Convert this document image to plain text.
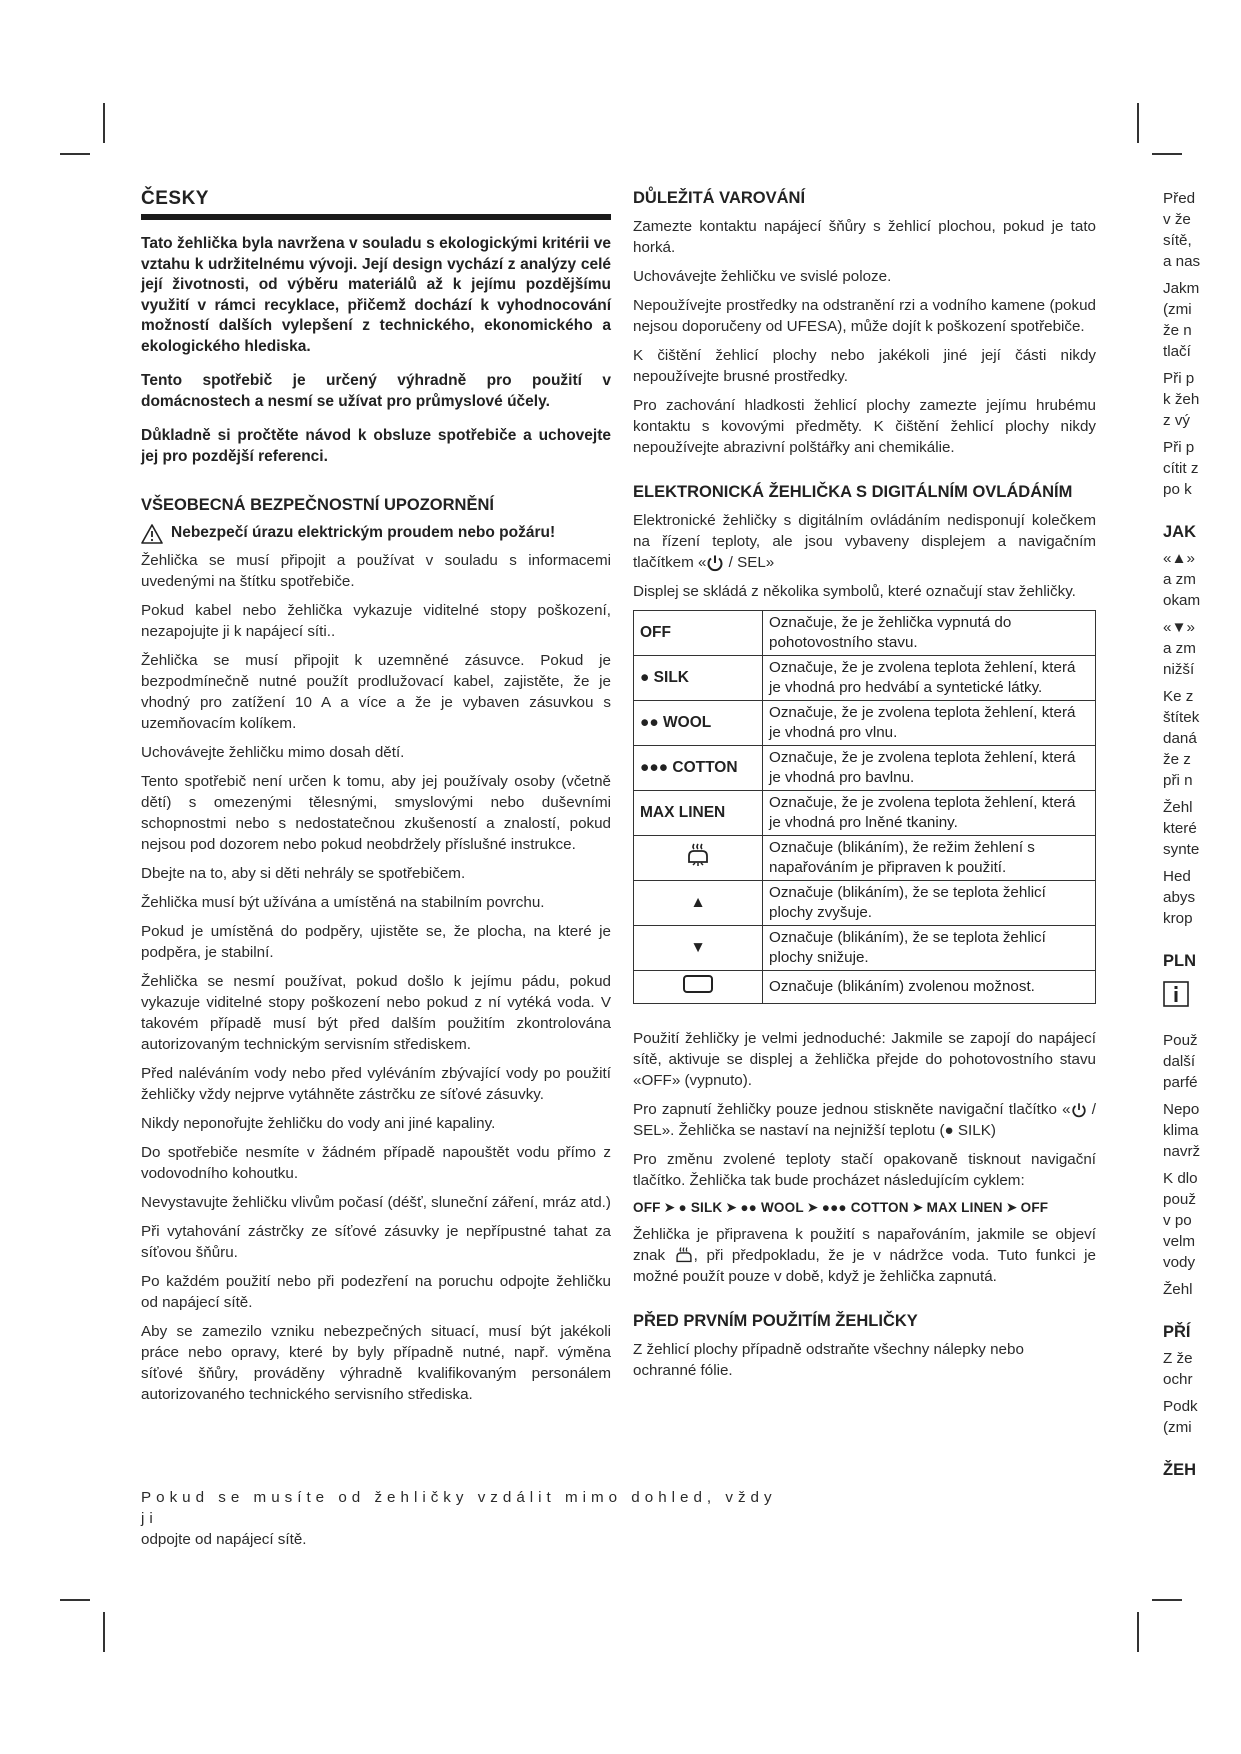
ČESKY

Tato žehlička byla navržena v souladu s ekologickými kritérii ve vztahu k udržitelnému vývoji. Její design vychází z analýzy celé její životnosti, od výběru materiálů až k jejímu pozdějšímu využití v rámci recyklace, přičemž dochází k vyhodnocování možností dalších vylepšení z technického, ekonomického a ekologického hlediska.

Tento spotřebič je určený výhradně pro použití v domácnostech a nesmí se užívat pro průmyslové účely.

Důkladně si pročtěte návod k obsluze spotřebiče a uchovejte jej pro pozdější referenci.

VŠEOBECNÁ BEZPEČNOSTNÍ UPOZORNĚNÍ
Nebezpečí úrazu elektrickým proudem nebo požáru!

Žehlička se musí připojit a používat v souladu s informacemi uvedenými na štítku spotřebiče.

Pokud kabel nebo žehlička vykazuje viditelné stopy poškození, nezapojujte ji k napájecí síti..

Žehlička se musí připojit k uzemněné zásuvce. Pokud je bezpodmínečně nutné použít prodlužovací kabel, zajistěte, že je vhodný pro zatížení 10 A a více a že je vybaven zásuvkou s uzemňovacím kolíkem.

Uchovávejte žehličku mimo dosah dětí.

Tento spotřebič není určen k tomu, aby jej používaly osoby (včetně dětí) s omezenými tělesnými, smyslovými nebo duševními schopnostmi nebo s nedostatečnou zkušeností a znalostí, pokud nejsou pod dozorem nebo pokud neobdržely příslušné instrukce.

Dbejte na to, aby si děti nehrály se spotřebičem.

Žehlička musí být užívána a umístěná na stabilním povrchu.

Pokud je umístěná do podpěry, ujistěte se, že plocha, na které je podpěra, je stabilní.

Žehlička se nesmí používat, pokud došlo k jejímu pádu, pokud vykazuje viditelné stopy poškození nebo pokud z ní vytéká voda. V takovém případě musí být před dalším použitím zkontrolována autorizovaným technickým servisním střediskem.

Před naléváním vody nebo před vyléváním zbývající vody po použití žehličky vždy nejprve vytáhněte zástrčku ze síťové zásuvky.

Nikdy neponořujte žehličku do vody ani jiné kapaliny.

Do spotřebiče nesmíte v žádném případě napouštět vodu přímo z vodovodního kohoutku.

Nevystavujte žehličku vlivům počasí (déšť, sluneční záření, mráz atd.)

Při vytahování zástrčky ze síťové zásuvky je nepřípustné tahat za síťovou šňůru.

Po každém použití nebo při podezření na poruchu odpojte žehličku od napájecí sítě.

Aby se zamezilo vzniku nebezpečných situací, musí být jakékoli práce nebo opravy, které by byly případně nutné, např. výměna síťové šňůry, prováděny výhradně kvalifikovaným personálem autorizovaného technického servisního střediska.

Pokud se musíte od žehličky vzdálit mimo dohled, vždy ji
odpojte od napájecí sítě.
DŮLEŽITÁ VAROVÁNÍ

Zamezte kontaktu napájecí šňůry s žehlicí plochou, pokud je tato horká.

Uchovávejte žehličku ve svislé poloze.

Nepoužívejte prostředky na odstranění rzi a vodního kamene (pokud nejsou doporučeny od UFESA), může dojít k poškození spotřebiče.

K čištění žehlicí plochy nebo jakékoli jiné její části nikdy nepoužívejte brusné prostředky.

Pro zachování hladkosti žehlicí plochy zamezte jejímu hrubému kontaktu s kovovými předměty. K čištění žehlicí plochy nikdy nepoužívejte abrazivní polštářky ani chemikálie.

ELEKTRONICKÁ ŽEHLIČKA S DIGITÁLNÍM OVLÁDÁNÍM

Elektronické žehličky s digitálním ovládáním nedisponují kolečkem na řízení teploty, ale jsou vybaveny displejem a navigačním tlačítkem « / SEL»

Displej se skládá z několika symbolů, které označují stav žehličky.

OFF	Označuje, že je žehlička vypnutá do pohotovostního stavu.
● SILK	Označuje, že je zvolena teplota žehlení, která je vhodná pro hedvábí a syntetické látky.
●● WOOL	Označuje, že je zvolena teplota žehlení, která je vhodná pro vlnu.
●●● COTTON	Označuje, že je zvolena teplota žehlení, která je vhodná pro bavlnu.
MAX LINEN	Označuje, že je zvolena teplota žehlení, která je vhodná pro lněné tkaniny.
	Označuje (blikáním), že režim žehlení s napařováním je připraven k použití.
▲	Označuje (blikáním), že se teplota žehlicí plochy zvyšuje.
▼	Označuje (blikáním), že se teplota žehlicí plochy snižuje.
	Označuje (blikáním) zvolenou možnost.

Použití žehličky je velmi jednoduché: Jakmile se zapojí do napájecí sítě, aktivuje se displej a žehlička přejde do pohotovostního stavu «OFF» (vypnuto).

Pro zapnutí žehličky pouze jednou stiskněte navigační tlačítko « / SEL». Žehlička se nastaví na nejnižší teplotu (● SILK)

Pro změnu zvolené teploty stačí opakovaně tisknout navigační tlačítko. Žehlička tak bude procházet následujícím cyklem:

OFF ➤ ● SILK ➤ ●● WOOL ➤ ●●● COTTON ➤ MAX LINEN ➤ OFF

Žehlička je připravena k použití s napařováním, jakmile se objeví znak , při předpokladu, že je v nádržce voda. Tuto funkci je možné použít pouze v době, když je žehlička zapnutá.

PŘED PRVNÍM POUŽITÍM ŽEHLIČKY
Z žehlicí plochy případně odstraňte všechny nálepky nebo
ochranné fólie.
Před
v že
sítě,
a nas
Jakm
(zmi
že n
tlačí
Při p
k žeh
z vý
Při p
cítit z
po k
JAK
«▲»
a zm
okam
«▼»
a zm
nižší
Ke z
štítek
daná
že z
při n
Žehl
které
synte
Hed
abys
krop
PLN
Použ
další
parfé
Nepo
klima
navrž
K dlo
použ
v po
velm
vody
Žehl
PŘÍ
Z že
ochr
Podk
(zmi
ŽEH
